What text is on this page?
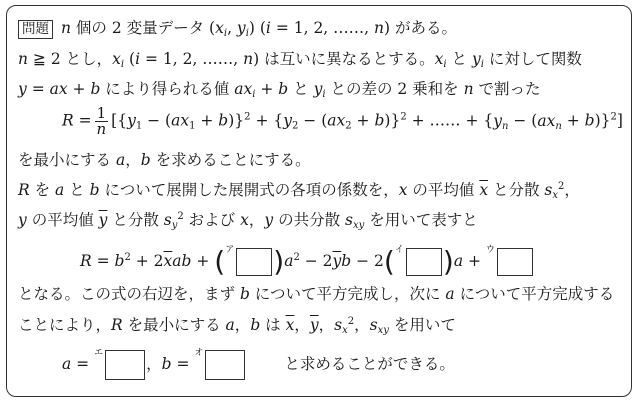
問題 n 個の 2 変量データ ($x_i$, $y_i$) (i = 1, 2, ……, n) がある。
n ≧ 2 とし，$x_i$ (i = 1, 2, ……, n) は互いに異なるとする。$x_i$ と $y_i$ に対して関数
y = ax + b により得られる値 $ax_i + b$ と $y_i$ との差の 2 乗和を n で割った
$R = \frac{1}{n} [\{y_1 - (ax_1 + b)\}^2 + \{y_2 - (ax_2 + b)\}^2$ + …… + $\{y_n - (ax_n + b)\}^2$]
を最小にする a，b を求めることにする。
R を a と b について展開した展開式の各項の係数を，x の平均値 $\overline{x}$ と分散 $s_x^2$，
y の平均値 $\overline{y}$ と分散 $s_y^2$ および x，y の共分散 $s_{xy}$ を用いて表すと
$R = b^2 + 2\overline{x}ab + (^ア$ )$a^2 - 2\overline{y}b - 2(^イ$ )a + $^ウ$
となる。この式の右辺を，まず b について平方完成し，次に a について平方完成する
ことにより，R を最小にする a，b は $\overline{x}$，$\overline{y}$，$s_x^2$，$s_{xy}$ を用いて
a = $^エ$，b = $^オ$と求めることができる。
